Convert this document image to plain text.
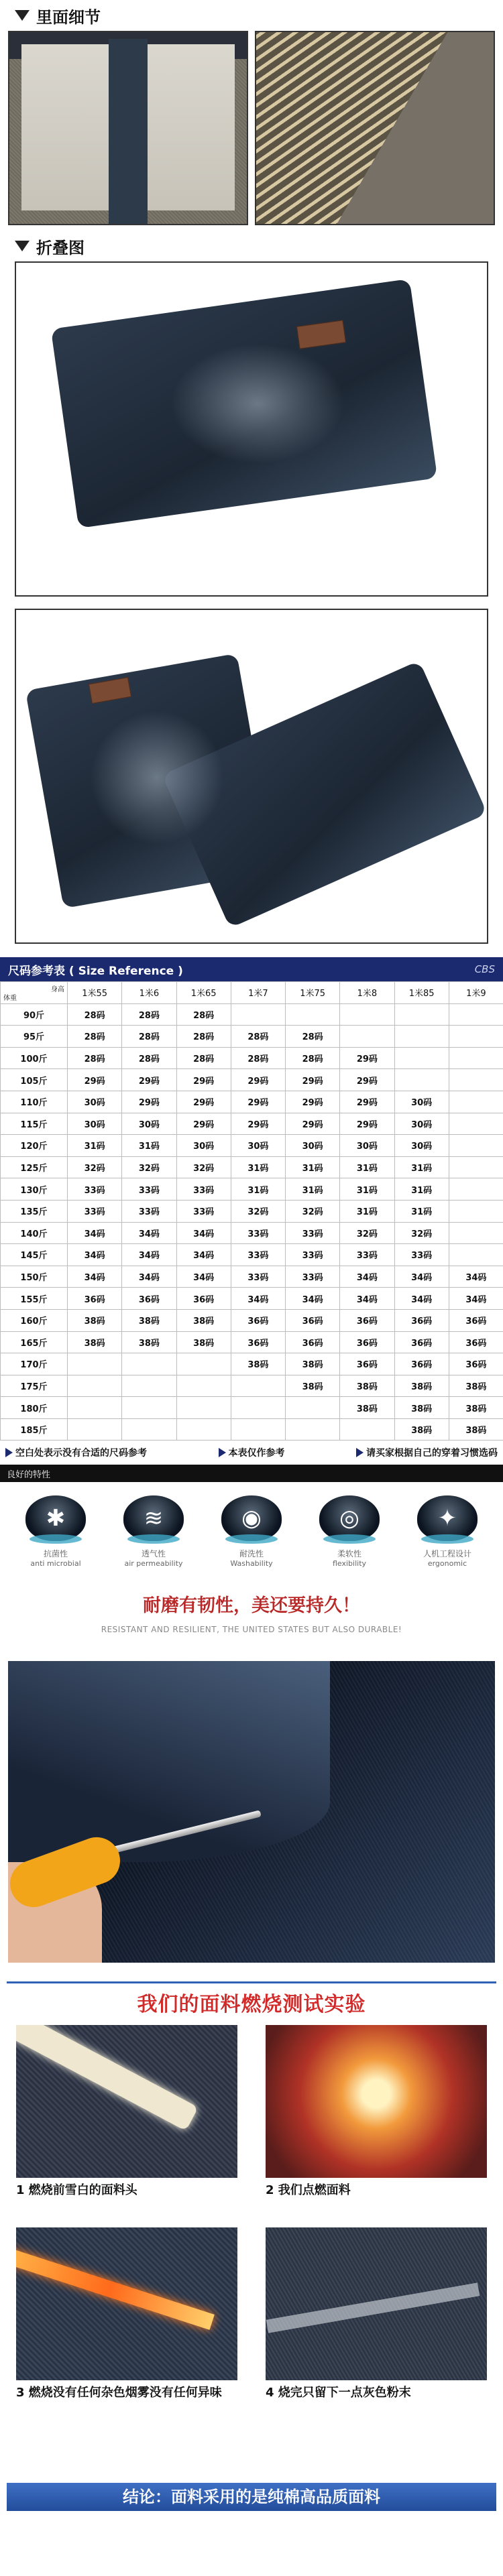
里面细节
折叠图
尺码参考表 ( Size Reference )	CBS
身高
体重	1米55	1米6	1米65	1米7	1米75	1米8	1米85	1米9
90斤	28码	28码	28码					
95斤	28码	28码	28码	28码	28码			
100斤	28码	28码	28码	28码	28码	29码		
105斤	29码	29码	29码	29码	29码	29码		
110斤	30码	29码	29码	29码	29码	29码	30码	
115斤	30码	30码	29码	29码	29码	29码	30码	
120斤	31码	31码	30码	30码	30码	30码	30码	
125斤	32码	32码	32码	31码	31码	31码	31码	
130斤	33码	33码	33码	31码	31码	31码	31码	
135斤	33码	33码	33码	32码	32码	31码	31码	
140斤	34码	34码	34码	33码	33码	32码	32码	
145斤	34码	34码	34码	33码	33码	33码	33码	
150斤	34码	34码	34码	33码	33码	34码	34码	34码
155斤	36码	36码	36码	34码	34码	34码	34码	34码
160斤	38码	38码	38码	36码	36码	36码	36码	36码
165斤	38码	38码	38码	36码	36码	36码	36码	36码
170斤				38码	38码	36码	36码	36码
175斤					38码	38码	38码	38码
180斤						38码	38码	38码
185斤							38码	38码
空白处表示没有合适的尺码参考	本表仅作参考	请买家根据自己的穿着习惯选码
良好的特性
✱
抗菌性
anti microbial
≋
透气性
air permeability
◉
耐洗性
Washability
◎
柔软性
flexibility
✦
人机工程设计
ergonomic
耐磨有韧性，美还要持久！
RESISTANT AND RESILIENT, THE UNITED STATES BUT ALSO DURABLE!
我们的面料燃烧测试实验
1 燃烧前雪白的面料头	2 我们点燃面料
3 燃烧没有任何杂色烟雾没有任何异味	4 烧完只留下一点灰色粉末
结论：面料采用的是纯棉高品质面料
